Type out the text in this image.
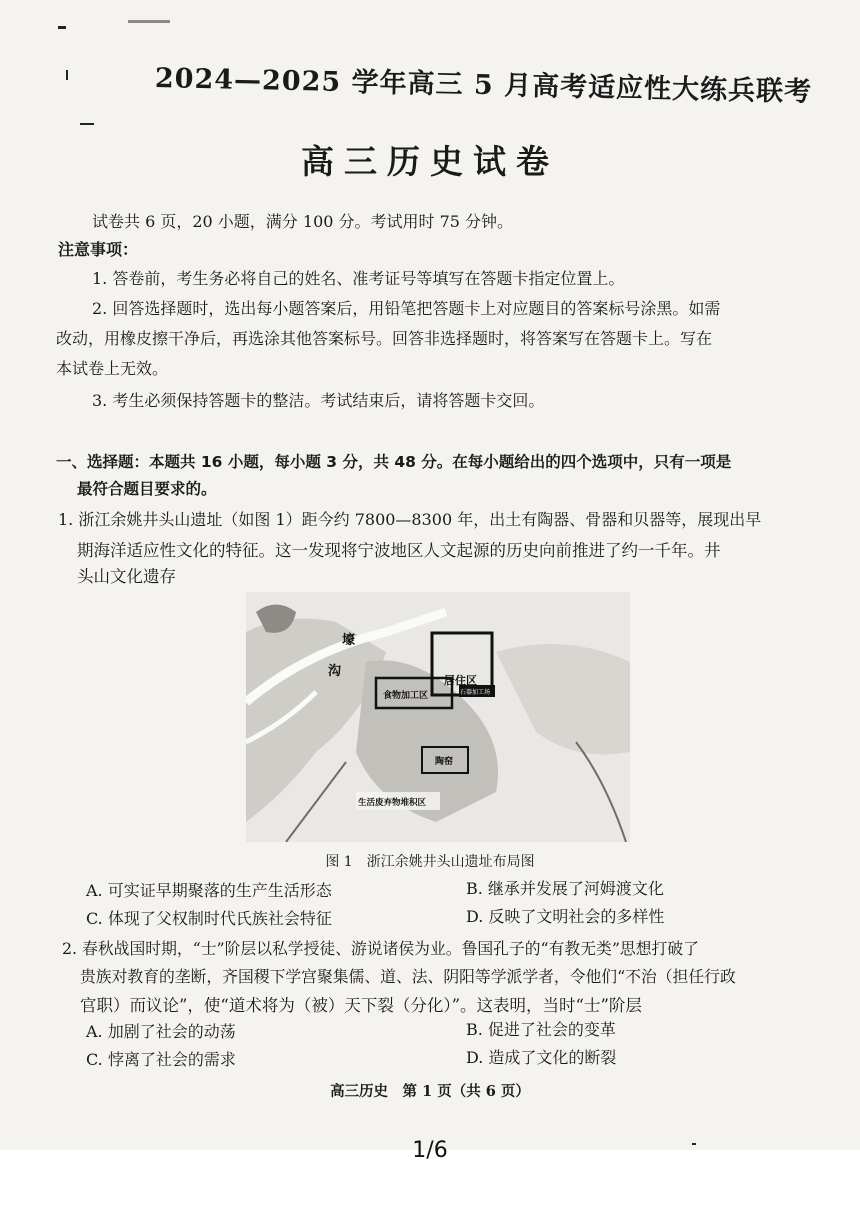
2024—2025 学年高三 5 月高考适应性大练兵联考
高三历史试卷
试卷共 6 页，20 小题，满分 100 分。考试用时 75 分钟。
注意事项：
1. 答卷前，考生务必将自己的姓名、准考证号等填写在答题卡指定位置上。
2. 回答选择题时，选出每小题答案后，用铅笔把答题卡上对应题目的答案标号涂黑。如需
改动，用橡皮擦干净后，再选涂其他答案标号。回答非选择题时，将答案写在答题卡上。写在
本试卷上无效。
3. 考生必须保持答题卡的整洁。考试结束后，请将答题卡交回。
一、选择题：本题共 16 小题，每小题 3 分，共 48 分。在每小题给出的四个选项中，只有一项是
最符合题目要求的。
1. 浙江余姚井头山遗址（如图 1）距今约 7800—8300 年，出土有陶器、骨器和贝器等，展现出早
期海洋适应性文化的特征。这一发现将宁波地区人文起源的历史向前推进了约一千年。井
头山文化遗存
壕
沟
居住区
食物加工区	石器加工场
陶窑
生活废弃物堆积区
图 1　浙江余姚井头山遗址布局图
A. 可实证早期聚落的生产生活形态	B. 继承并发展了河姆渡文化
C. 体现了父权制时代氏族社会特征	D. 反映了文明社会的多样性
2. 春秋战国时期，“士”阶层以私学授徒、游说诸侯为业。鲁国孔子的“有教无类”思想打破了
贵族对教育的垄断，齐国稷下学宫聚集儒、道、法、阴阳等学派学者，令他们“不治（担任行政
官职）而议论”，使“道术将为（被）天下裂（分化）”。这表明，当时“士”阶层
A. 加剧了社会的动荡	B. 促进了社会的变革
C. 悖离了社会的需求	D. 造成了文化的断裂
高三历史　第 1 页（共 6 页）
1/6
